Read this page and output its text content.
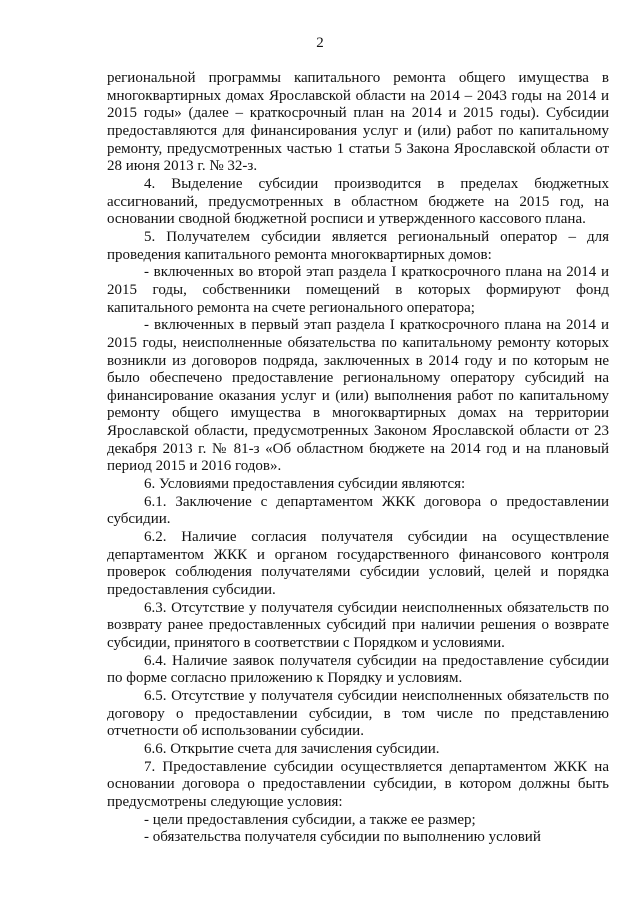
2

региональной программы капитального ремонта общего имущества в многоквартирных домах Ярославской области на 2014 – 2043 годы на 2014 и 2015 годы» (далее – краткосрочный план на 2014 и 2015 годы). Субсидии предоставляются для финансирования услуг и (или) работ по капитальному ремонту, предусмотренных частью 1 статьи 5 Закона Ярославской области от 28 июня 2013 г. № 32-з.

4. Выделение субсидии производится в пределах бюджетных ассигнований, предусмотренных в областном бюджете на 2015 год, на основании сводной бюджетной росписи и утвержденного кассового плана.

5. Получателем субсидии является региональный оператор – для проведения капитального ремонта многоквартирных домов:

- включенных во второй этап раздела I краткосрочного плана на 2014 и 2015 годы, собственники помещений в которых формируют фонд капитального ремонта на счете регионального оператора;

- включенных в первый этап раздела I краткосрочного плана на 2014 и 2015 годы, неисполненные обязательства по капитальному ремонту которых возникли из договоров подряда, заключенных в 2014 году и по которым не было обеспечено предоставление региональному оператору субсидий на финансирование оказания услуг и (или) выполнения работ по капитальному ремонту общего имущества в многоквартирных домах на территории Ярославской области, предусмотренных Законом Ярославской области от 23 декабря 2013 г. № 81-з «Об областном бюджете на 2014 год и на плановый период 2015 и 2016 годов».

6. Условиями предоставления субсидии являются:

6.1. Заключение с департаментом ЖКК договора о предоставлении субсидии.

6.2. Наличие согласия получателя субсидии на осуществление департаментом ЖКК и органом государственного финансового контроля проверок соблюдения получателями субсидии условий, целей и порядка предоставления субсидии.

6.3. Отсутствие у получателя субсидии неисполненных обязательств по возврату ранее предоставленных субсидий при наличии решения о возврате субсидии, принятого в соответствии с Порядком и условиями.

6.4. Наличие заявок получателя субсидии на предоставление субсидии по форме согласно приложению к Порядку и условиям.

6.5. Отсутствие у получателя субсидии неисполненных обязательств по договору о предоставлении субсидии, в том числе по представлению отчетности об использовании субсидии.

6.6. Открытие счета для зачисления субсидии.

7. Предоставление субсидии осуществляется департаментом ЖКК на основании договора о предоставлении субсидии, в котором должны быть предусмотрены следующие условия:

- цели предоставления субсидии, а также ее размер;

- обязательства получателя субсидии по выполнению условий
